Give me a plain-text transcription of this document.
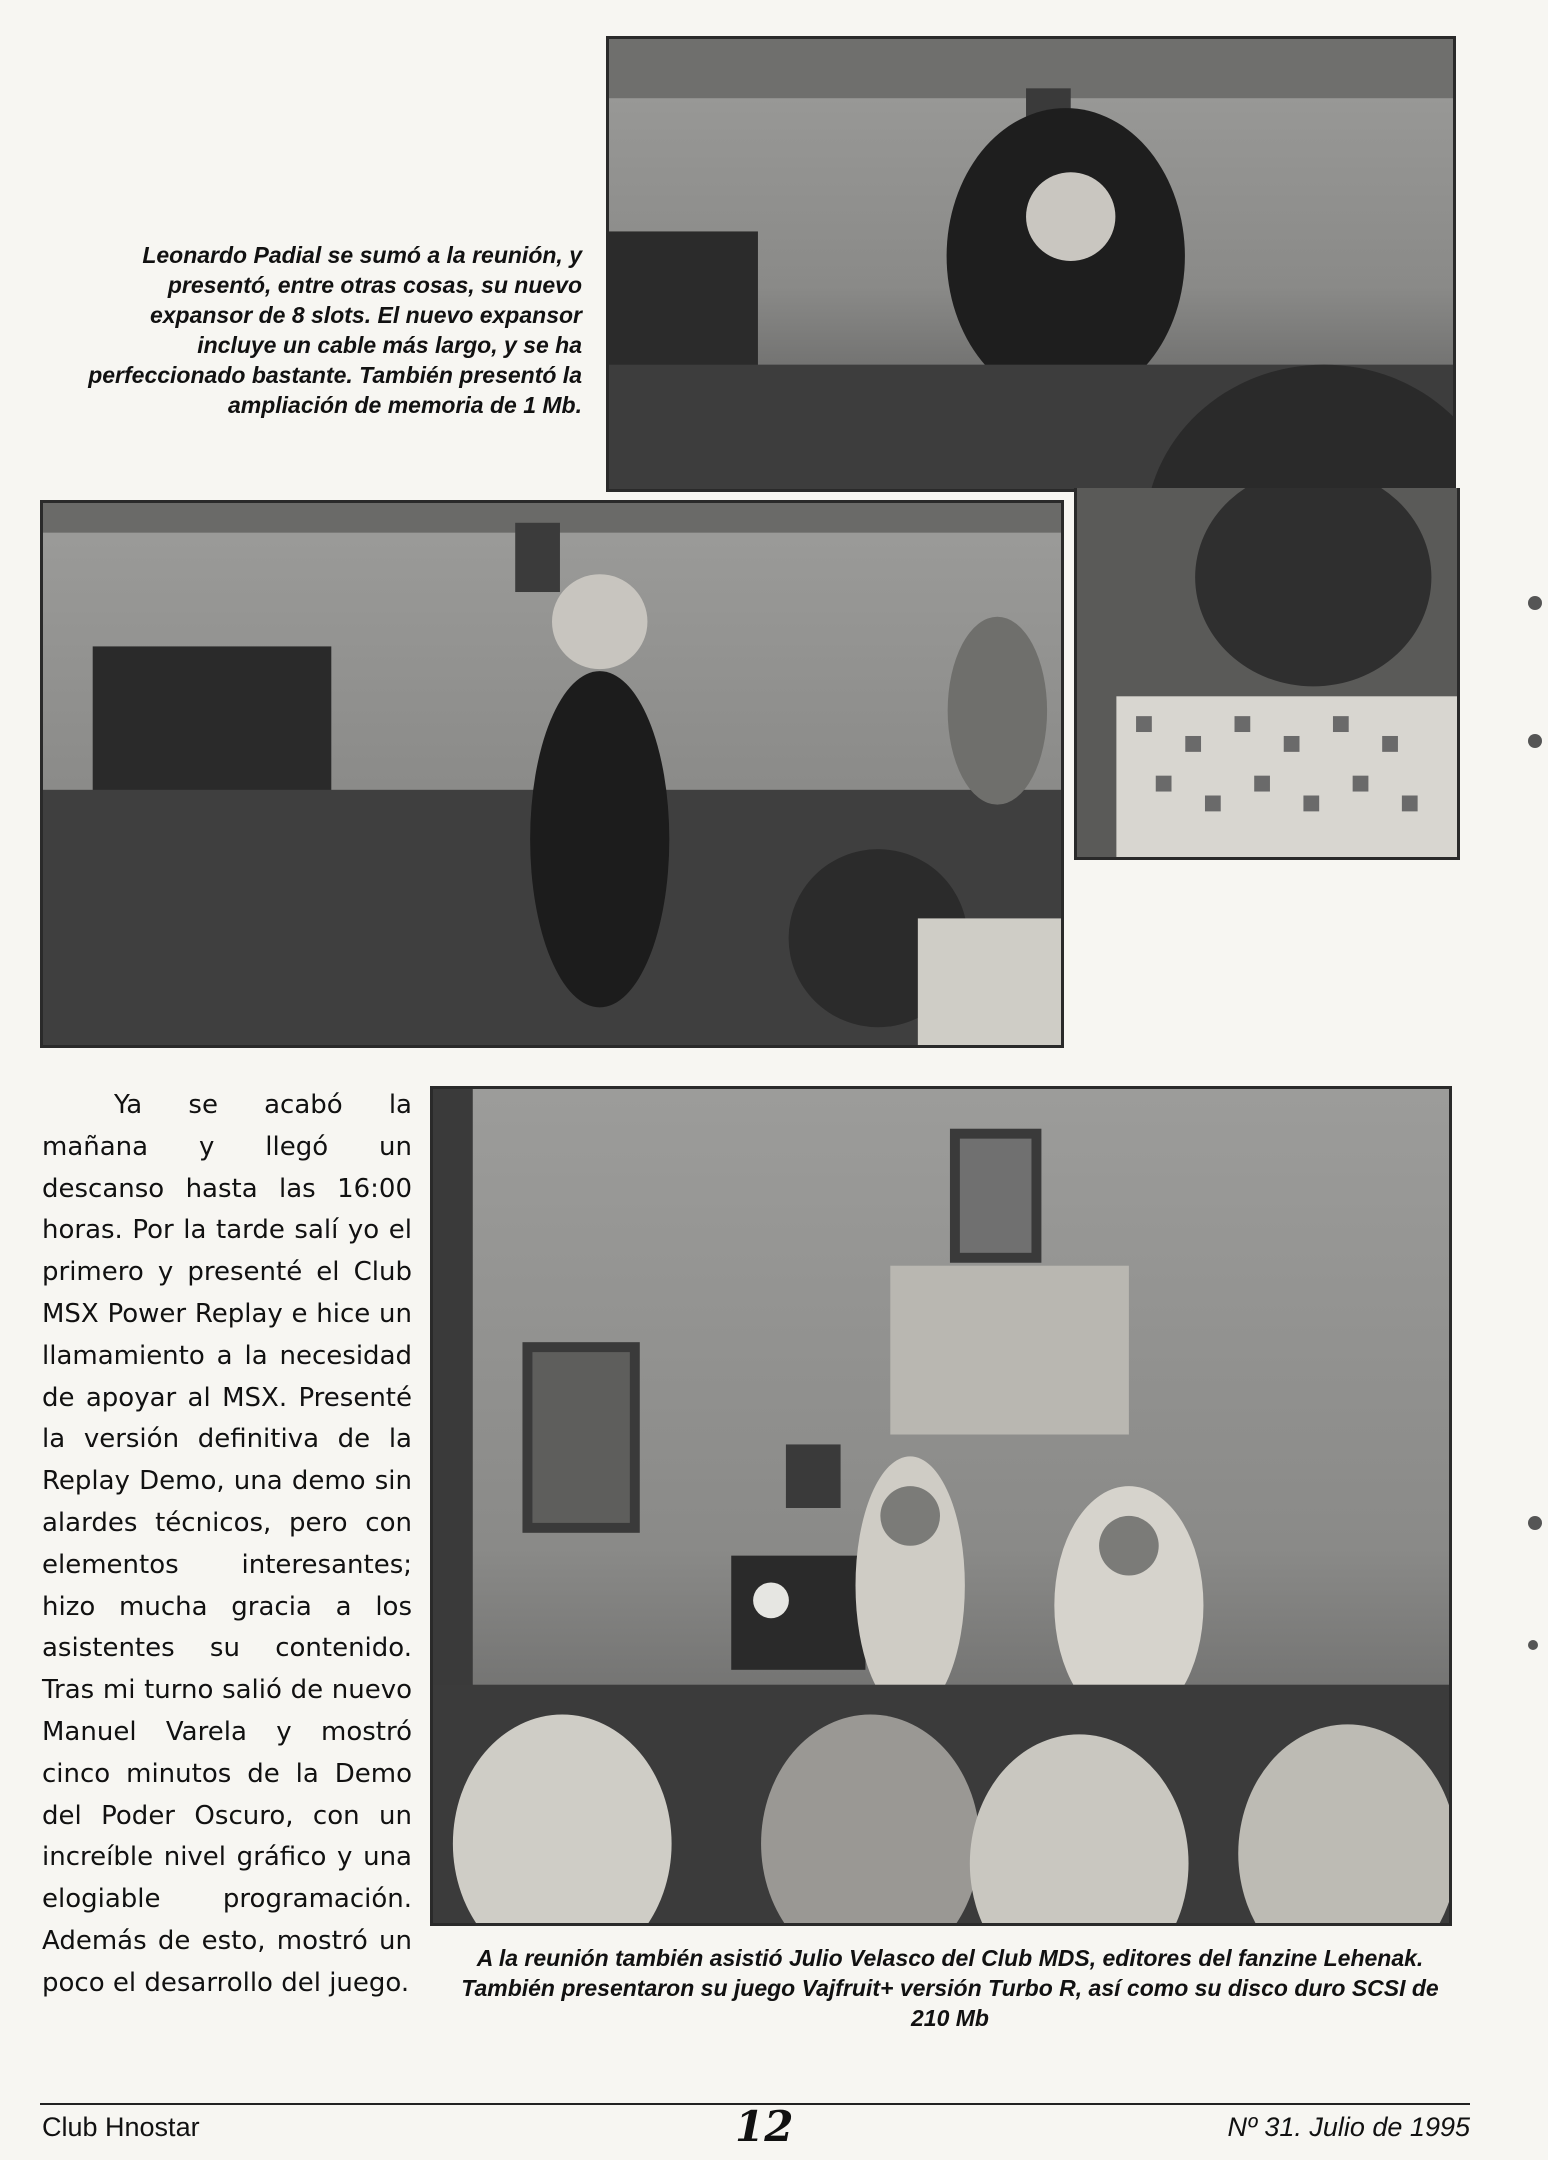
Leonardo Padial se sumó a la reunión, y presentó, entre otras cosas, su nuevo expansor de 8 slots. El nuevo expansor incluye un cable más largo, y se ha perfeccionado bastante. También presentó la ampliación de memoria de 1 Mb.
A la reunión también asistió Julio Velasco del Club MDS, editores del fanzine Lehenak. También presentaron su juego Vajfruit+ versión Turbo R, así como su disco duro SCSI de 210 Mb
Ya se acabó la mañana y llegó un descanso hasta las 16:00 horas. Por la tarde salí yo el primero y presenté el Club MSX Power Replay e hice un llamamiento a la necesidad de apoyar al MSX. Presenté la versión definitiva de la Replay Demo, una demo sin alardes técnicos, pero con elementos interesantes; hizo mucha gracia a los asistentes su contenido. Tras mi turno salió de nuevo Manuel Varela y mostró cinco minutos de la Demo del Poder Oscuro, con un increíble nivel gráfico y una elogiable programación. Además de esto, mostró un poco el desarrollo del juego.
Club Hnostar	12	Nº 31. Julio de 1995
